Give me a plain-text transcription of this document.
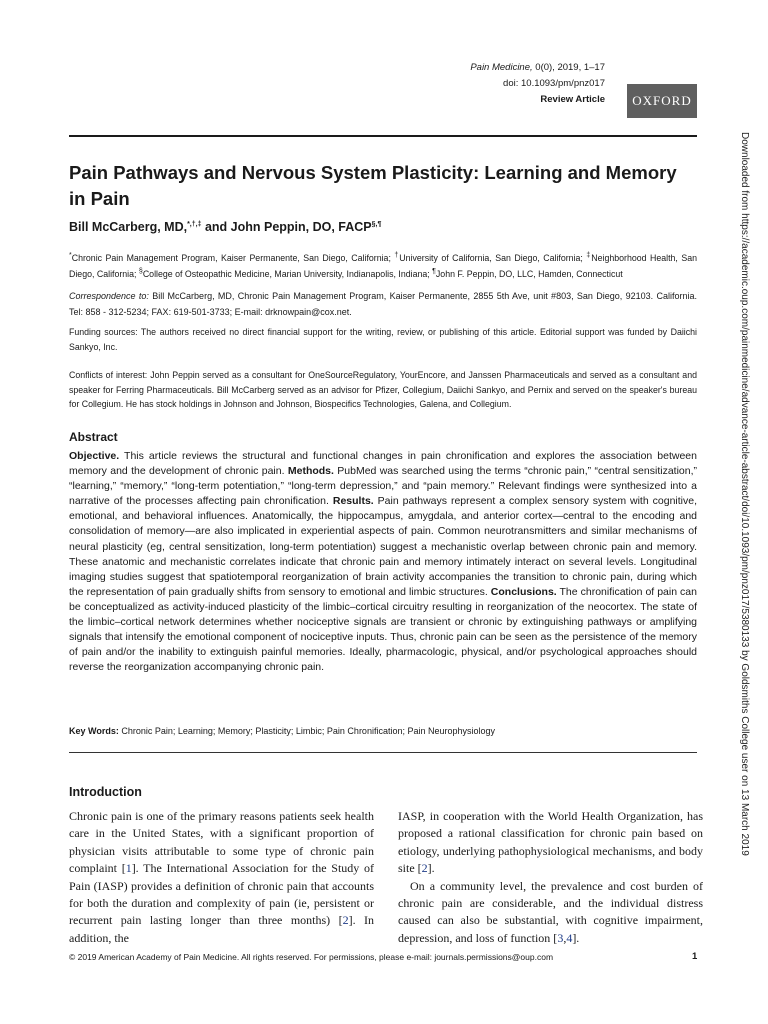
Pain Medicine, 0(0), 2019, 1–17
doi: 10.1093/pm/pnz017
Review Article	OXFORD
Pain Pathways and Nervous System Plasticity: Learning and Memory in Pain
Bill McCarberg, MD,*,†,‡ and John Peppin, DO, FACP§,¶
*Chronic Pain Management Program, Kaiser Permanente, San Diego, California; †University of California, San Diego, California; ‡Neighborhood Health, San Diego, California; §College of Osteopathic Medicine, Marian University, Indianapolis, Indiana; ¶John F. Peppin, DO, LLC, Hamden, Connecticut
Correspondence to: Bill McCarberg, MD, Chronic Pain Management Program, Kaiser Permanente, 2855 5th Ave, unit #803, San Diego, 92103. California. Tel: 858 - 312-5234; FAX: 619-501-3733; E-mail: drknowpain@cox.net.
Funding sources: The authors received no direct financial support for the writing, review, or publishing of this article. Editorial support was funded by Daiichi Sankyo, Inc.
Conflicts of interest: John Peppin served as a consultant for OneSourceRegulatory, YourEncore, and Janssen Pharmaceuticals and served as a consultant and speaker for Ferring Pharmaceuticals. Bill McCarberg served as an advisor for Pfizer, Collegium, Daiichi Sankyo, and Pernix and served on the speaker's bureau for Collegium. He has stock holdings in Johnson and Johnson, Biospecifics Technologies, Galena, and Collegium.
Abstract
Objective. This article reviews the structural and functional changes in pain chronification and explores the association between memory and the development of chronic pain. Methods. PubMed was searched using the terms “chronic pain,” “central sensitization,” “learning,” “memory,” “long-term potentiation,” “long-term depression,” and “pain memory.” Relevant findings were synthesized into a narrative of the processes affecting pain chronification. Results. Pain pathways represent a complex sensory system with cognitive, emotional, and behavioral influences. Anatomically, the hippocampus, amygdala, and anterior cortex—central to the encoding and consolidation of memory—are also implicated in experiential aspects of pain. Common neurotransmitters and similar mechanisms of neural plasticity (eg, central sensitization, long-term potentiation) suggest a mechanistic overlap between chronic pain and memory. These anatomic and mechanistic correlates indicate that chronic pain and memory intimately interact on several levels. Longitudinal imaging studies suggest that spatiotemporal reorganization of brain activity accompanies the transition to chronic pain, during which the representation of pain gradually shifts from sensory to emotional and limbic structures. Conclusions. The chronification of pain can be conceptualized as activity-induced plasticity of the limbic–cortical circuitry resulting in reorganization of the neocortex. The state of the limbic–cortical network determines whether nociceptive signals are transient or chronic by extinguishing pathways or amplifying signals that intensify the emotional component of nociceptive inputs. Thus, chronic pain can be seen as the persistence of the memory of pain and/or the inability to extinguish painful memories. Ideally, pharmacologic, physical, and/or psychological approaches should reverse the reorganization accompanying chronic pain.
Key Words: Chronic Pain; Learning; Memory; Plasticity; Limbic; Pain Chronification; Pain Neurophysiology
Introduction

Chronic pain is one of the primary reasons patients seek health care in the United States, with a significant proportion of physician visits attributable to some type of chronic pain complaint [1]. The International Association for the Study of Pain (IASP) provides a definition of chronic pain that accounts for both the duration and complexity of pain (ie, persistent or recurrent pain lasting longer than three months) [2]. In addition, the

IASP, in cooperation with the World Health Organization, has proposed a rational classification for chronic pain based on etiology, underlying pathophysiological mechanisms, and body site [2].

On a community level, the prevalence and cost burden of chronic pain are considerable, and the individual distress caused can also be substantial, with cognitive impairment, depression, and loss of function [3,4].

© 2019 American Academy of Pain Medicine. All rights reserved. For permissions, please e-mail: journals.permissions@oup.com	1
Downloaded from https://academic.oup.com/painmedicine/advance-article-abstract/doi/10.1093/pm/pnz017/5380133 by Goldsmiths College user on 13 March 2019
